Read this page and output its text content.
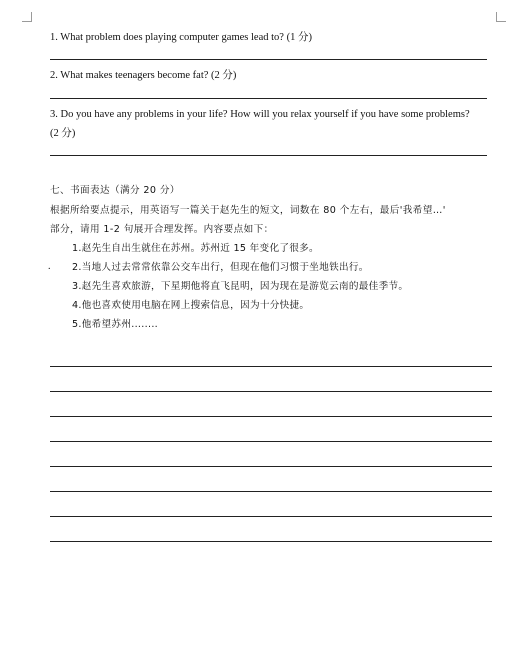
1. What problem does playing computer games lead to? (1 分)
2. What makes teenagers become fat? (2 分)
3. Do you have any problems in your life? How will you relax yourself if you have some problems?
(2 分)
七、书面表达（满分 20 分）
根据所给要点提示，用英语写一篇关于赵先生的短文，词数在 80 个左右，最后'我希望…'
部分，请用 1-2 句展开合理发挥。内容要点如下：
1.赵先生自出生就住在苏州。苏州近 15 年变化了很多。
. 2.当地人过去常常依靠公交车出行，但现在他们习惯于坐地铁出行。
3.赵先生喜欢旅游，下星期他将直飞昆明，因为现在是游览云南的最佳季节。
4.他也喜欢使用电脑在网上搜索信息，因为十分快捷。
5.他希望苏州........
